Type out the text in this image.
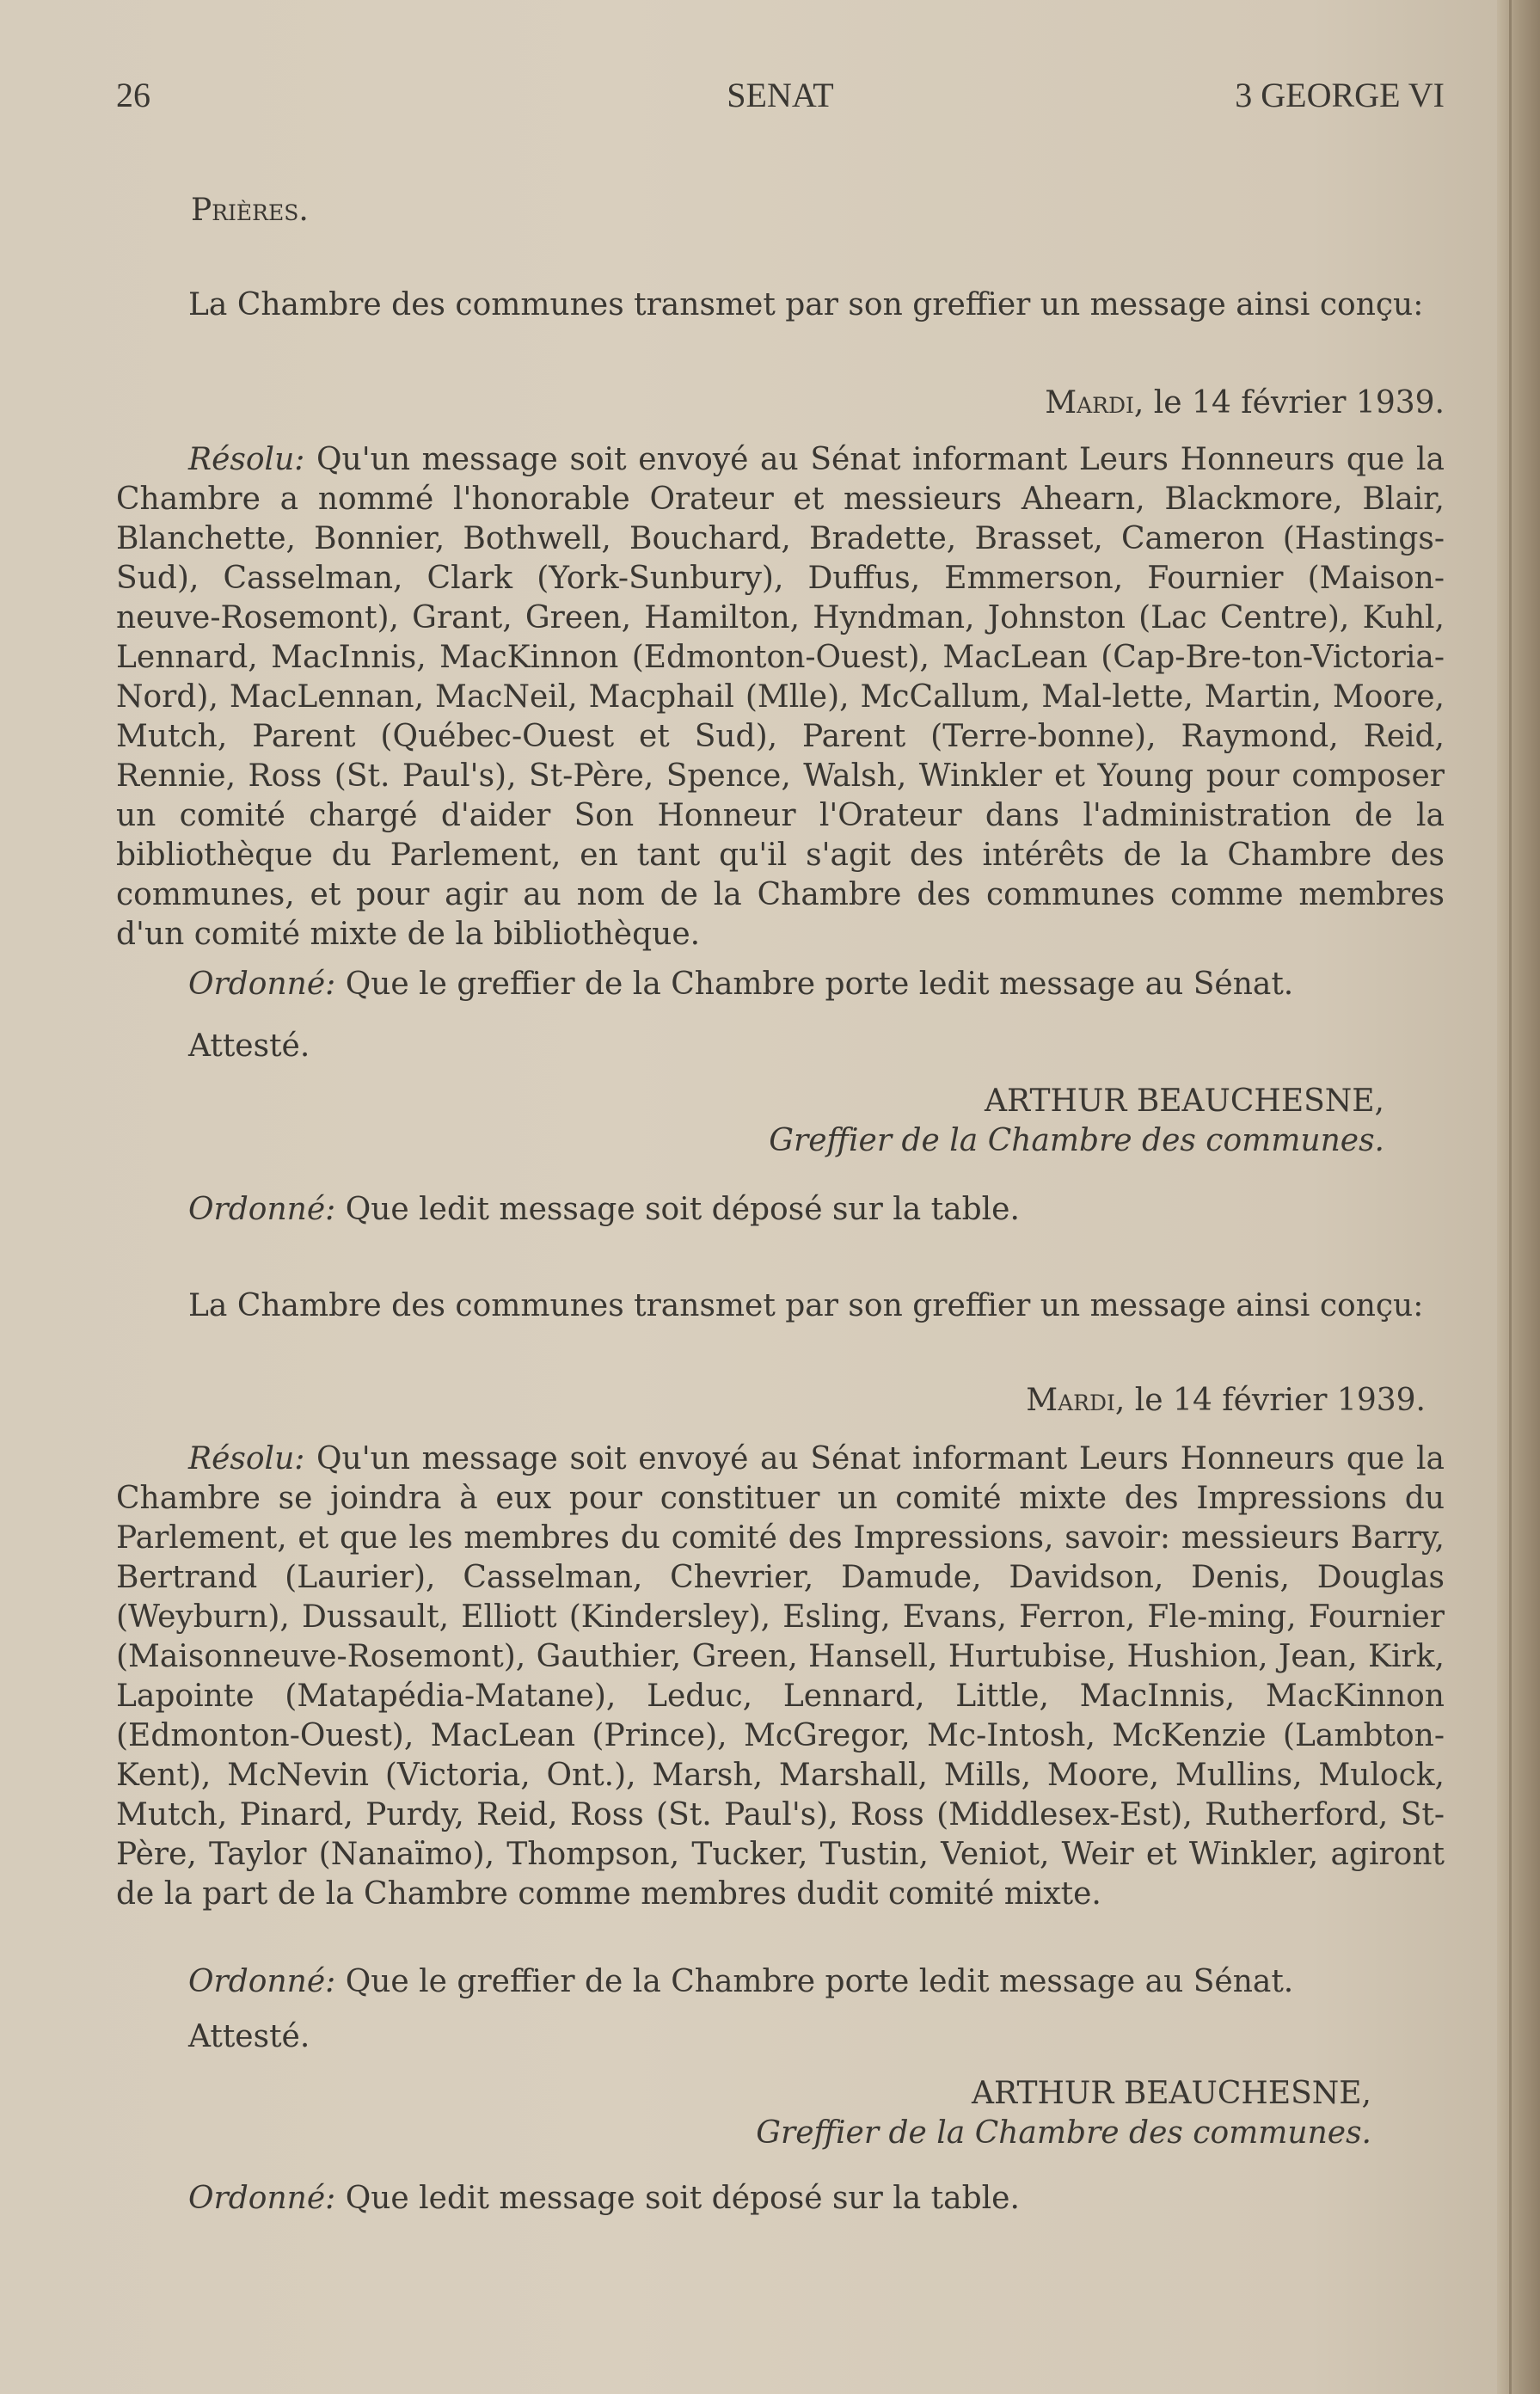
26	SENAT	3 GEORGE VI

Prières.

La Chambre des communes transmet par son greffier un message ainsi conçu:

Mardi, le 14 février 1939.

Résolu: Qu'un message soit envoyé au Sénat informant Leurs Honneurs que la Chambre a nommé l'honorable Orateur et messieurs Ahearn, Blackmore, Blair, Blanchette, Bonnier, Bothwell, Bouchard, Bradette, Brasset, Cameron (Hastings-Sud), Casselman, Clark (York-Sunbury), Duffus, Emmerson, Fournier (Maison-neuve-Rosemont), Grant, Green, Hamilton, Hyndman, Johnston (Lac Centre), Kuhl, Lennard, MacInnis, MacKinnon (Edmonton-Ouest), MacLean (Cap-Bre-ton-Victoria-Nord), MacLennan, MacNeil, Macphail (Mlle), McCallum, Mal-lette, Martin, Moore, Mutch, Parent (Québec-Ouest et Sud), Parent (Terre-bonne), Raymond, Reid, Rennie, Ross (St. Paul's), St-Père, Spence, Walsh, Winkler et Young pour composer un comité chargé d'aider Son Honneur l'Orateur dans l'administration de la bibliothèque du Parlement, en tant qu'il s'agit des intérêts de la Chambre des communes, et pour agir au nom de la Chambre des communes comme membres d'un comité mixte de la bibliothèque.

Ordonné: Que le greffier de la Chambre porte ledit message au Sénat.

Attesté.

ARTHUR BEAUCHESNE,

Greffier de la Chambre des communes.

Ordonné: Que ledit message soit déposé sur la table.

La Chambre des communes transmet par son greffier un message ainsi conçu:

Mardi, le 14 février 1939.

Résolu: Qu'un message soit envoyé au Sénat informant Leurs Honneurs que la Chambre se joindra à eux pour constituer un comité mixte des Impressions du Parlement, et que les membres du comité des Impressions, savoir: messieurs Barry, Bertrand (Laurier), Casselman, Chevrier, Damude, Davidson, Denis, Douglas (Weyburn), Dussault, Elliott (Kindersley), Esling, Evans, Ferron, Fle-ming, Fournier (Maisonneuve-Rosemont), Gauthier, Green, Hansell, Hurtubise, Hushion, Jean, Kirk, Lapointe (Matapédia-Matane), Leduc, Lennard, Little, MacInnis, MacKinnon (Edmonton-Ouest), MacLean (Prince), McGregor, Mc-Intosh, McKenzie (Lambton-Kent), McNevin (Victoria, Ont.), Marsh, Marshall, Mills, Moore, Mullins, Mulock, Mutch, Pinard, Purdy, Reid, Ross (St. Paul's), Ross (Middlesex-Est), Rutherford, St-Père, Taylor (Nanaïmo), Thompson, Tucker, Tustin, Veniot, Weir et Winkler, agiront de la part de la Chambre comme membres dudit comité mixte.

Ordonné: Que le greffier de la Chambre porte ledit message au Sénat.

Attesté.

ARTHUR BEAUCHESNE,

Greffier de la Chambre des communes.

Ordonné: Que ledit message soit déposé sur la table.
